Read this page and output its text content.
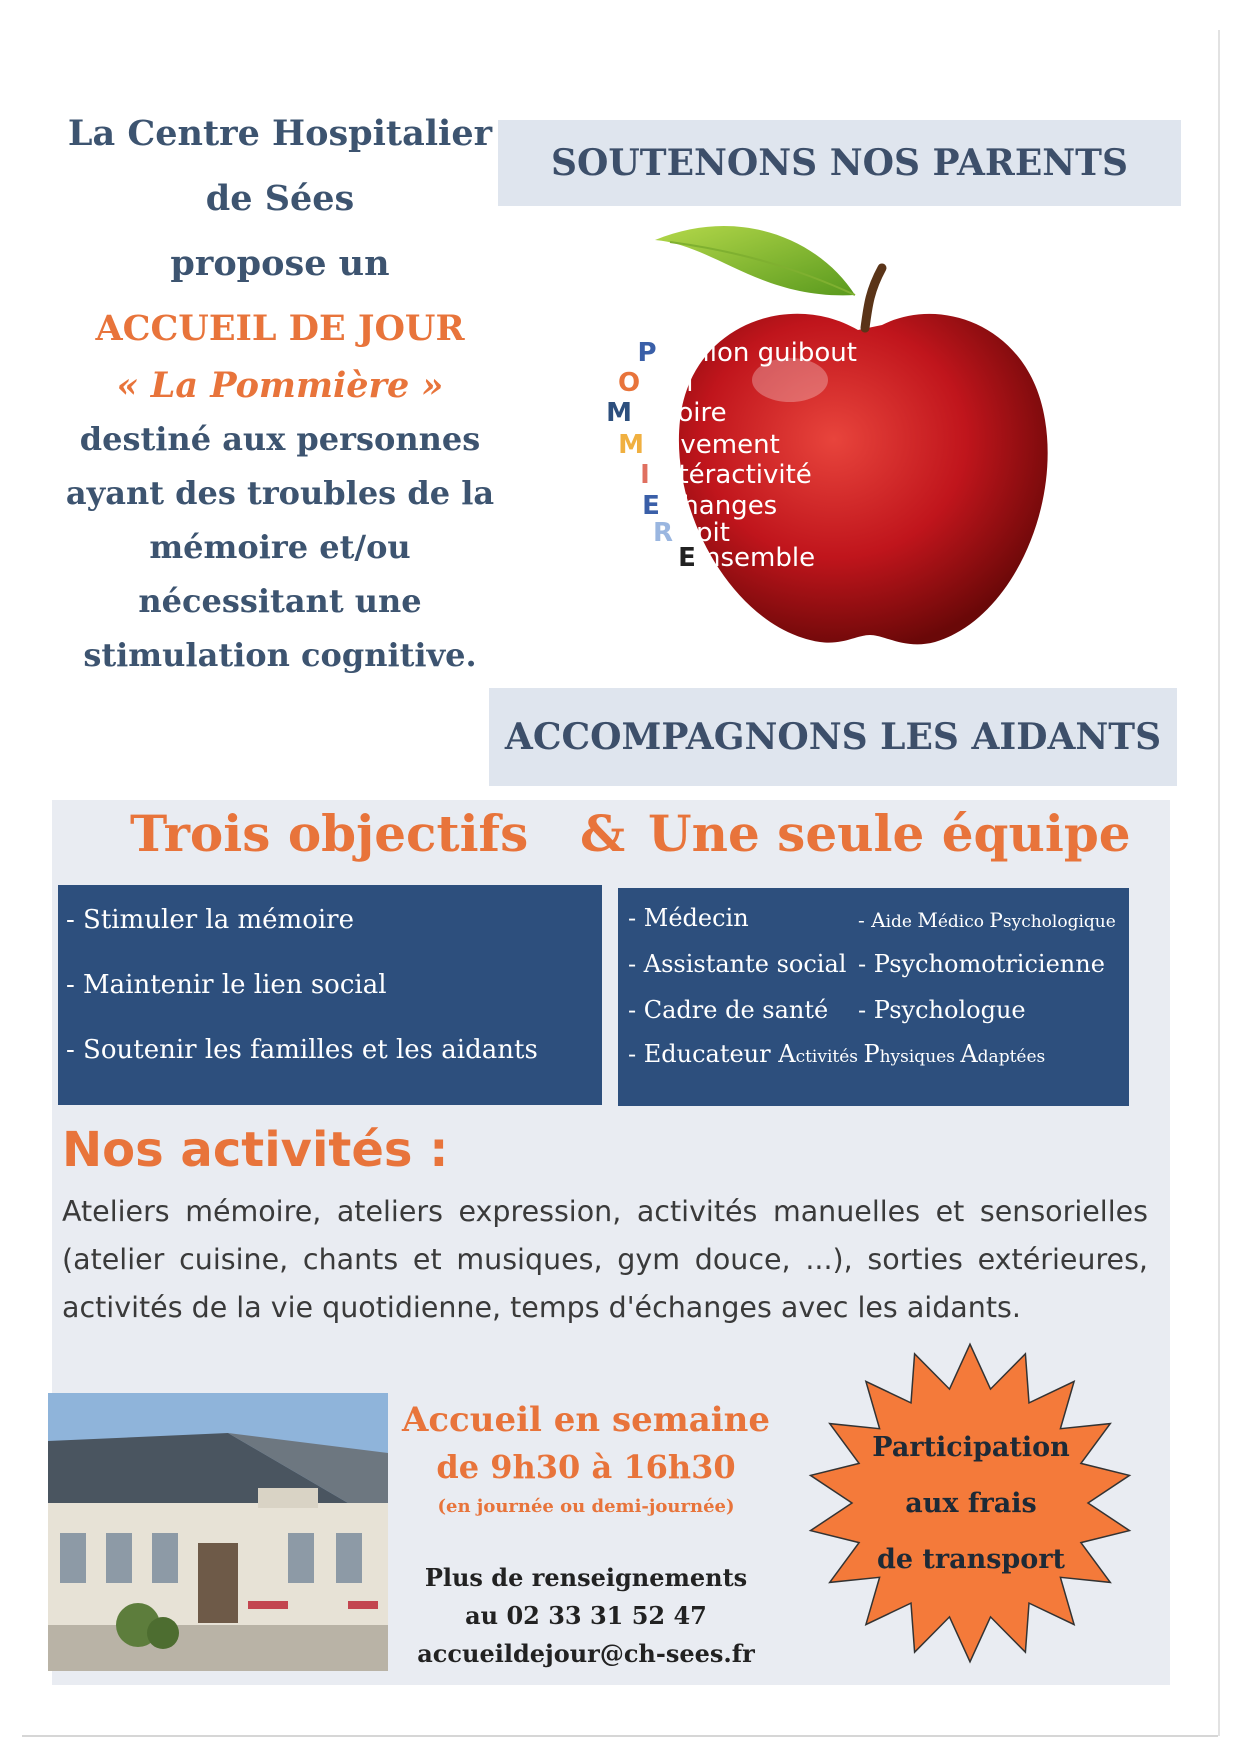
La Centre Hospitalier
de Sées
propose un
ACCUEIL DE JOUR
« La Pommière »
destiné aux personnes
ayant des troubles de la
mémoire et/ou
nécessitant une
stimulation cognitive.
SOUTENONS NOS PARENTS
ACCOMPAGNONS LES AIDANTS
P avillon guibout
O ubli
M émoire
M ouvement
I ntéractivité
E changes
R épit
E nsemble
Trois objectifs & Une seule équipe
- Stimuler la mémoire
- Maintenir le lien social
- Soutenir les familles et les aidants
- Médecin	- Aide Médico Psychologique
- Assistante social - Psychomotricienne
- Cadre de santé - Psychologue
- Educateur Activités Physiques Adaptées
Nos activités :
Ateliers mémoire, ateliers expression, activités manuelles et sensorielles (atelier cuisine, chants et musiques, gym douce, ...), sorties extérieures, activités de la vie quotidienne, temps d'échanges avec les aidants.
Accueil en semaine
de 9h30 à 16h30
(en journée ou demi-journée)
Plus de renseignements
au 02 33 31 52 47
accueildejour@ch-sees.fr
Participation
aux frais
de transport
